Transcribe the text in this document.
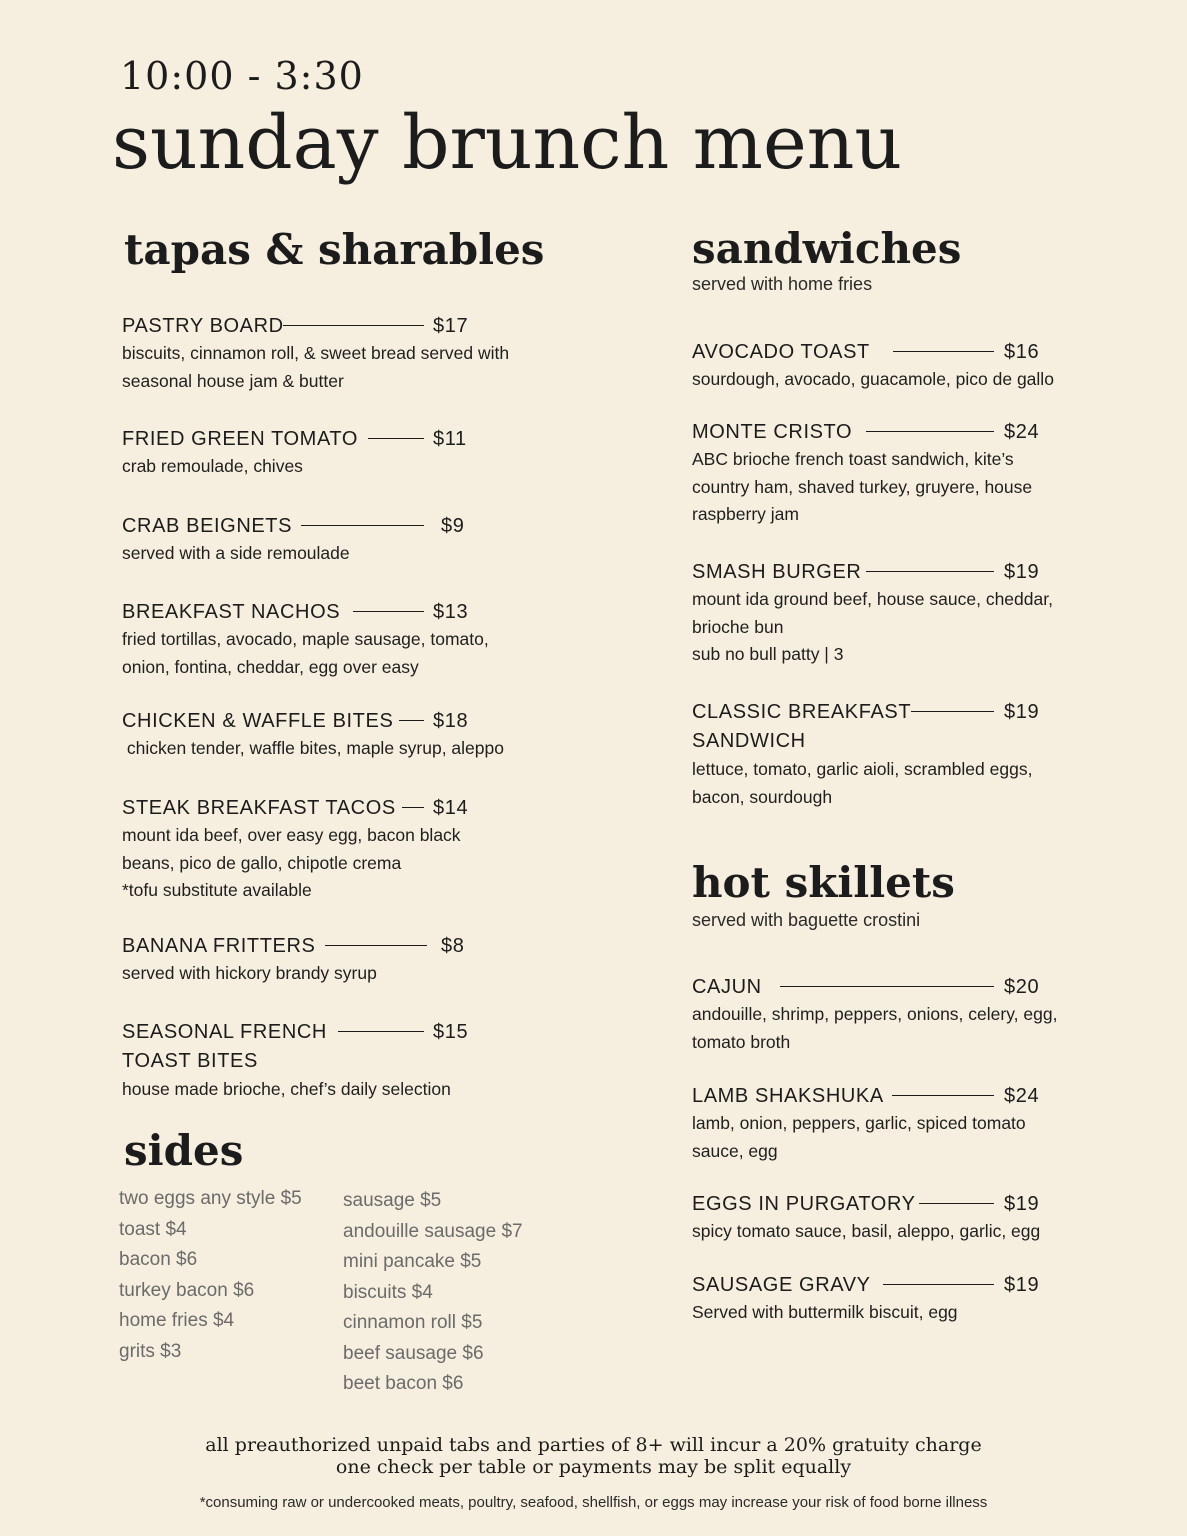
10:00 - 3:30
sunday brunch menu
tapas & sharables
PASTRY BOARD	$17
biscuits, cinnamon roll, & sweet bread served with
seasonal house jam & butter
FRIED GREEN TOMATO	$11
crab remoulade, chives
CRAB BEIGNETS	$9
served with a side remoulade
BREAKFAST NACHOS	$13
fried tortillas, avocado, maple sausage, tomato,
onion, fontina, cheddar, egg over easy
CHICKEN & WAFFLE BITES $18
chicken tender, waffle bites, maple syrup, aleppo
STEAK BREAKFAST TACOS $14
mount ida beef, over easy egg, bacon black
beans, pico de gallo, chipotle crema
*tofu substitute available
BANANA FRITTERS	$8
served with hickory brandy syrup
SEASONAL FRENCH	$15
TOAST BITES
house made brioche, chef’s daily selection
sides
two eggs any style $5
toast $4
bacon $6
turkey bacon $6
home fries $4
grits $3
sausage $5
andouille sausage $7
mini pancake $5
biscuits $4
cinnamon roll $5
beef sausage $6
beet bacon $6
sandwiches
served with home fries
AVOCADO TOAST	$16
sourdough, avocado, guacamole, pico de gallo
MONTE CRISTO	$24
ABC brioche french toast sandwich, kite’s
country ham, shaved turkey, gruyere, house
raspberry jam
SMASH BURGER	$19
mount ida ground beef, house sauce, cheddar,
brioche bun
sub no bull patty | 3
CLASSIC BREAKFAST	$19
SANDWICH
lettuce, tomato, garlic aioli, scrambled eggs,
bacon, sourdough
hot skillets
served with baguette crostini
CAJUN	$20
andouille, shrimp, peppers, onions, celery, egg,
tomato broth
LAMB SHAKSHUKA	$24
lamb, onion, peppers, garlic, spiced tomato
sauce, egg
EGGS IN PURGATORY	$19
spicy tomato sauce, basil, aleppo, garlic, egg
SAUSAGE GRAVY	$19
Served with buttermilk biscuit, egg
all preauthorized unpaid tabs and parties of 8+ will incur a 20% gratuity charge
one check per table or payments may be split equally
*consuming raw or undercooked meats, poultry, seafood, shellfish, or eggs may increase your risk of food borne illness
